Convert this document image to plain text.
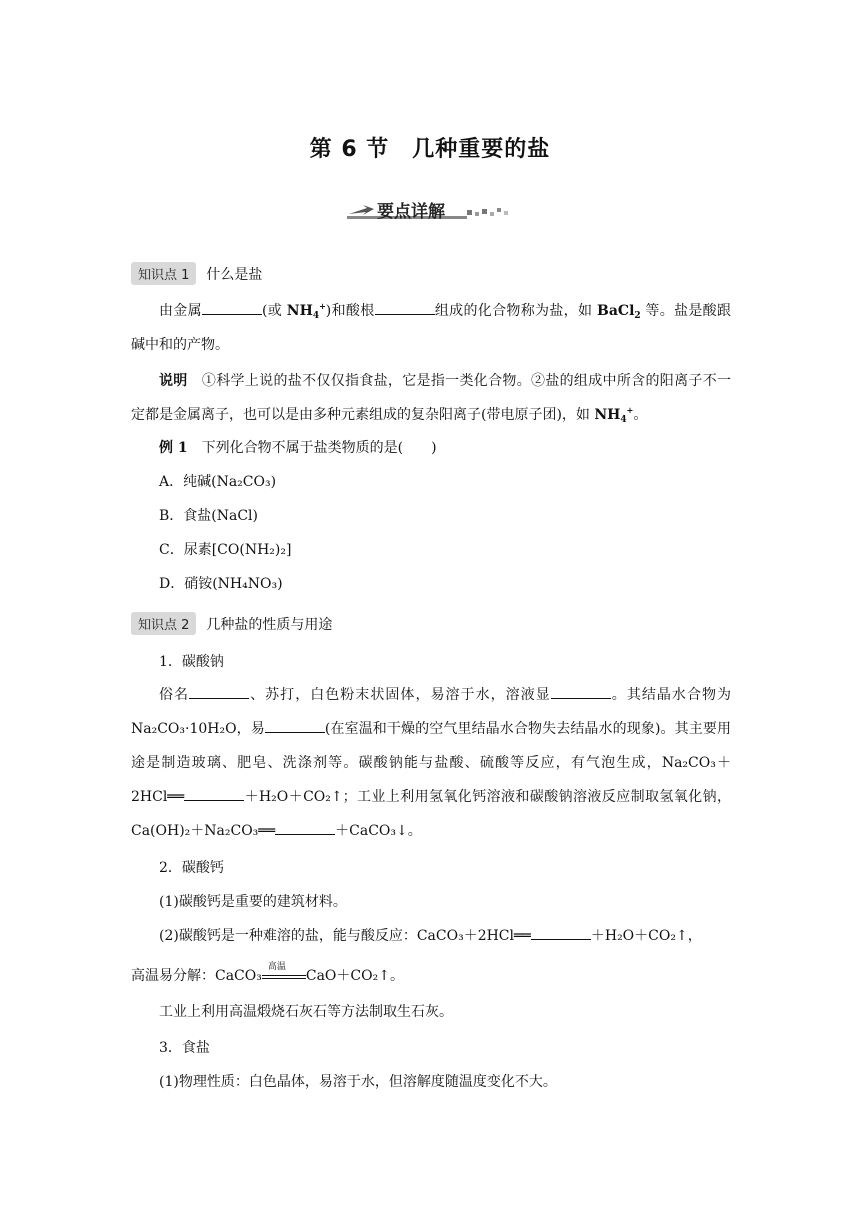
第 6 节　几种重要的盐
要点详解
知识点 1	什么是盐
由金属	(或 $NH_4^+$)和酸根	组成的化合物称为盐，如 BaCl$_2$ 等。盐是酸跟碱中和的产物。
说明　①科学上说的盐不仅仅指食盐，它是指一类化合物。②盐的组成中所含的阳离子不一定都是金属离子，也可以是由多种元素组成的复杂阳离子(带电原子团)，如 $NH_4^+$。
例 1　下列化合物不属于盐类物质的是(　　)
A．纯碱(Na₂CO₃)
B．食盐(NaCl)
C．尿素[CO(NH₂)₂]
D．硝铵(NH₄NO₃)
知识点 2	几种盐的性质与用途
1．碳酸钠
俗名	、苏打，白色粉末状固体，易溶于水，溶液显	。其结晶水合物为 Na₂CO₃·10H₂O，易	(在室温和干燥的空气里结晶水合物失去结晶水的现象)。其主要用途是制造玻璃、肥皂、洗涤剂等。碳酸钠能与盐酸、硫酸等反应，有气泡生成，Na₂CO₃＋2HCl══	＋H₂O＋CO₂↑；工业上利用氢氧化钙溶液和碳酸钠溶液反应制取氢氧化钠，Ca(OH)₂＋Na₂CO₃══	＋CaCO₃↓。
2．碳酸钙
(1)碳酸钙是重要的建筑材料。
(2)碳酸钙是一种难溶的盐，能与酸反应：CaCO₃＋2HCl══	＋H₂O＋CO₂↑，
高温易分解：CaCO₃
高温
CaO＋CO₂↑。
工业上利用高温煅烧石灰石等方法制取生石灰。
3．食盐
(1)物理性质：白色晶体，易溶于水，但溶解度随温度变化不大。
